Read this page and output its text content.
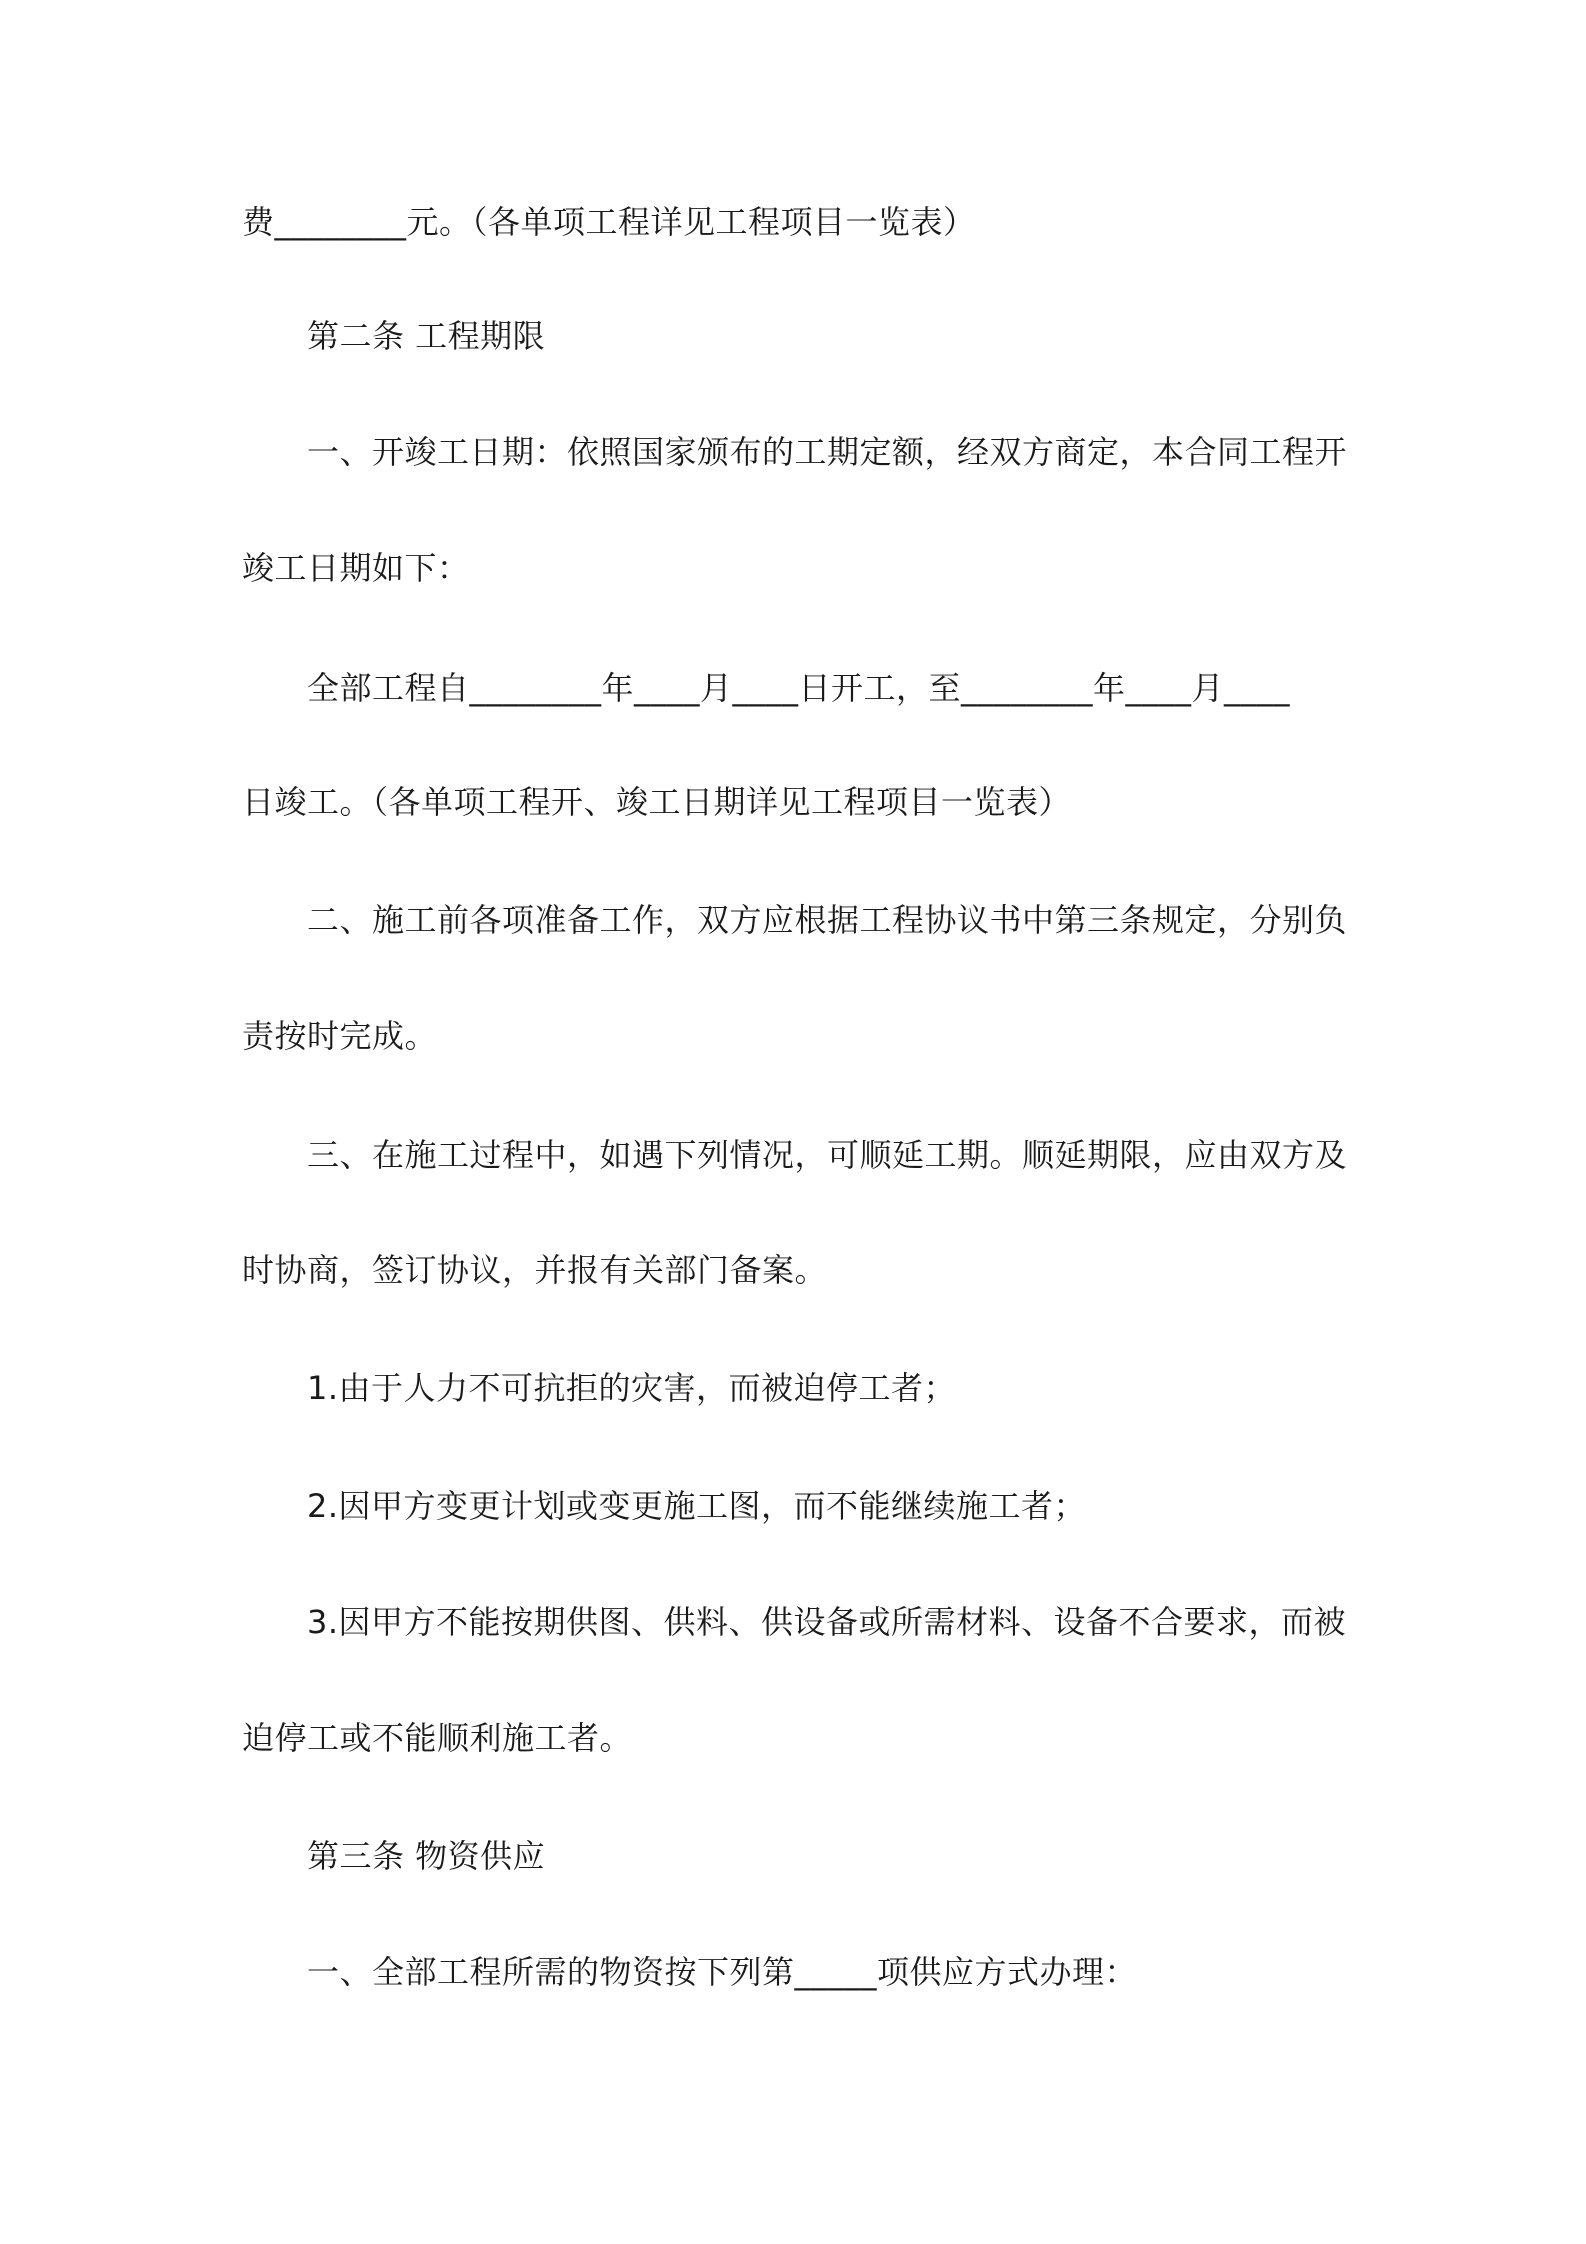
费________元。（各单项工程详见工程项目一览表）
第二条 工程期限
一、开竣工日期：依照国家颁布的工期定额，经双方商定，本合同工程开
竣工日期如下：
全部工程自________年____月____日开工，至________年____月____
日竣工。（各单项工程开、竣工日期详见工程项目一览表）
二、施工前各项准备工作，双方应根据工程协议书中第三条规定，分别负
责按时完成。
三、在施工过程中，如遇下列情况，可顺延工期。顺延期限，应由双方及
时协商，签订协议，并报有关部门备案。
1.由于人力不可抗拒的灾害，而被迫停工者；
2.因甲方变更计划或变更施工图，而不能继续施工者；
3.因甲方不能按期供图、供料、供设备或所需材料、设备不合要求，而被
迫停工或不能顺利施工者。
第三条 物资供应
一、全部工程所需的物资按下列第_____项供应方式办理：
